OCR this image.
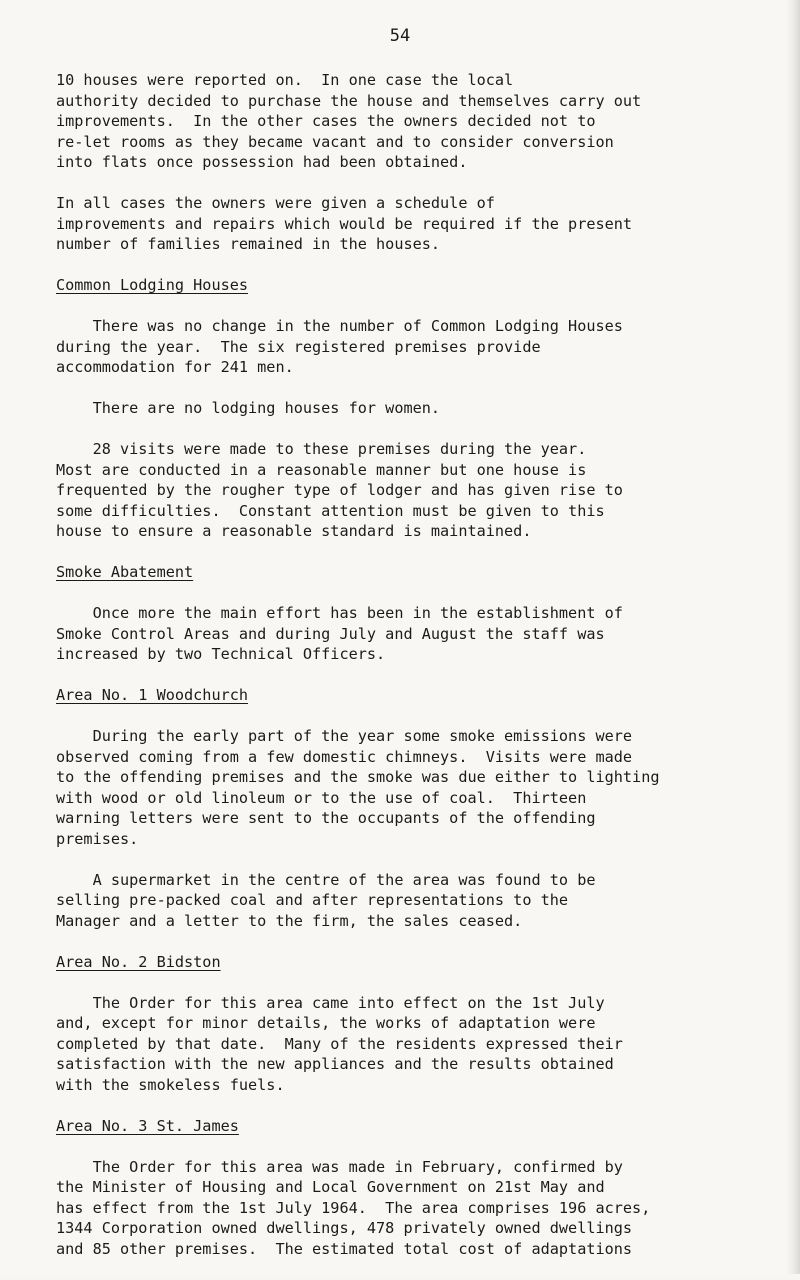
54
10 houses were reported on.  In one case the local
authority decided to purchase the house and themselves carry out
improvements.  In the other cases the owners decided not to
re-let rooms as they became vacant and to consider conversion
into flats once possession had been obtained.
In all cases the owners were given a schedule of
improvements and repairs which would be required if the present
number of families remained in the houses.
Common Lodging Houses
There was no change in the number of Common Lodging Houses
during the year.  The six registered premises provide
accommodation for 241 men.
There are no lodging houses for women.
28 visits were made to these premises during the year.
Most are conducted in a reasonable manner but one house is
frequented by the rougher type of lodger and has given rise to
some difficulties.  Constant attention must be given to this
house to ensure a reasonable standard is maintained.
Smoke Abatement
Once more the main effort has been in the establishment of
Smoke Control Areas and during July and August the staff was
increased by two Technical Officers.
Area No. 1 Woodchurch
During the early part of the year some smoke emissions were
observed coming from a few domestic chimneys.  Visits were made
to the offending premises and the smoke was due either to lighting
with wood or old linoleum or to the use of coal.  Thirteen
warning letters were sent to the occupants of the offending
premises.
A supermarket in the centre of the area was found to be
selling pre-packed coal and after representations to the
Manager and a letter to the firm, the sales ceased.
Area No. 2 Bidston
The Order for this area came into effect on the 1st July
and, except for minor details, the works of adaptation were
completed by that date.  Many of the residents expressed their
satisfaction with the new appliances and the results obtained
with the smokeless fuels.
Area No. 3 St. James
The Order for this area was made in February, confirmed by
the Minister of Housing and Local Government on 21st May and
has effect from the 1st July 1964.  The area comprises 196 acres,
1344 Corporation owned dwellings, 478 privately owned dwellings
and 85 other premises.  The estimated total cost of adaptations
